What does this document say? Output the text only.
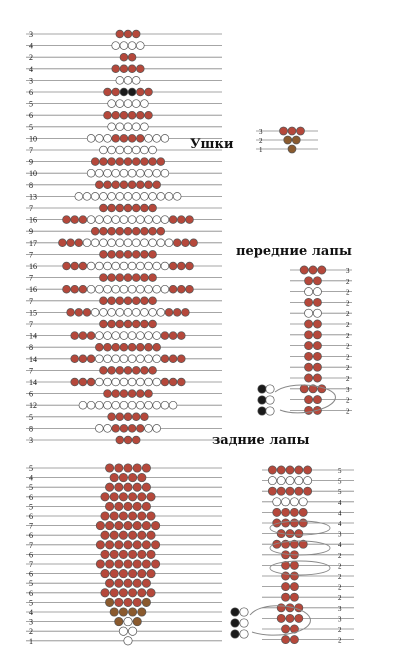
3
4
2
4
3
6
5
6
5
10
7
9
10
8
13
7
16
9
17
7
16
7
16
7
15
7
14
8
14
7
14
6
12
5
8
3
5
4
5
6
5
6
7
6
7
6
7
6
5
6
5
4
3
2
1
3
2
1
3
2
2
2
2
2
2
2
2
2
2
3
2
2
5
5
5
4
4
4
3
4
2
2
2
2
2
3
3
2
2
Ушки
передние лапы
задние лапы
